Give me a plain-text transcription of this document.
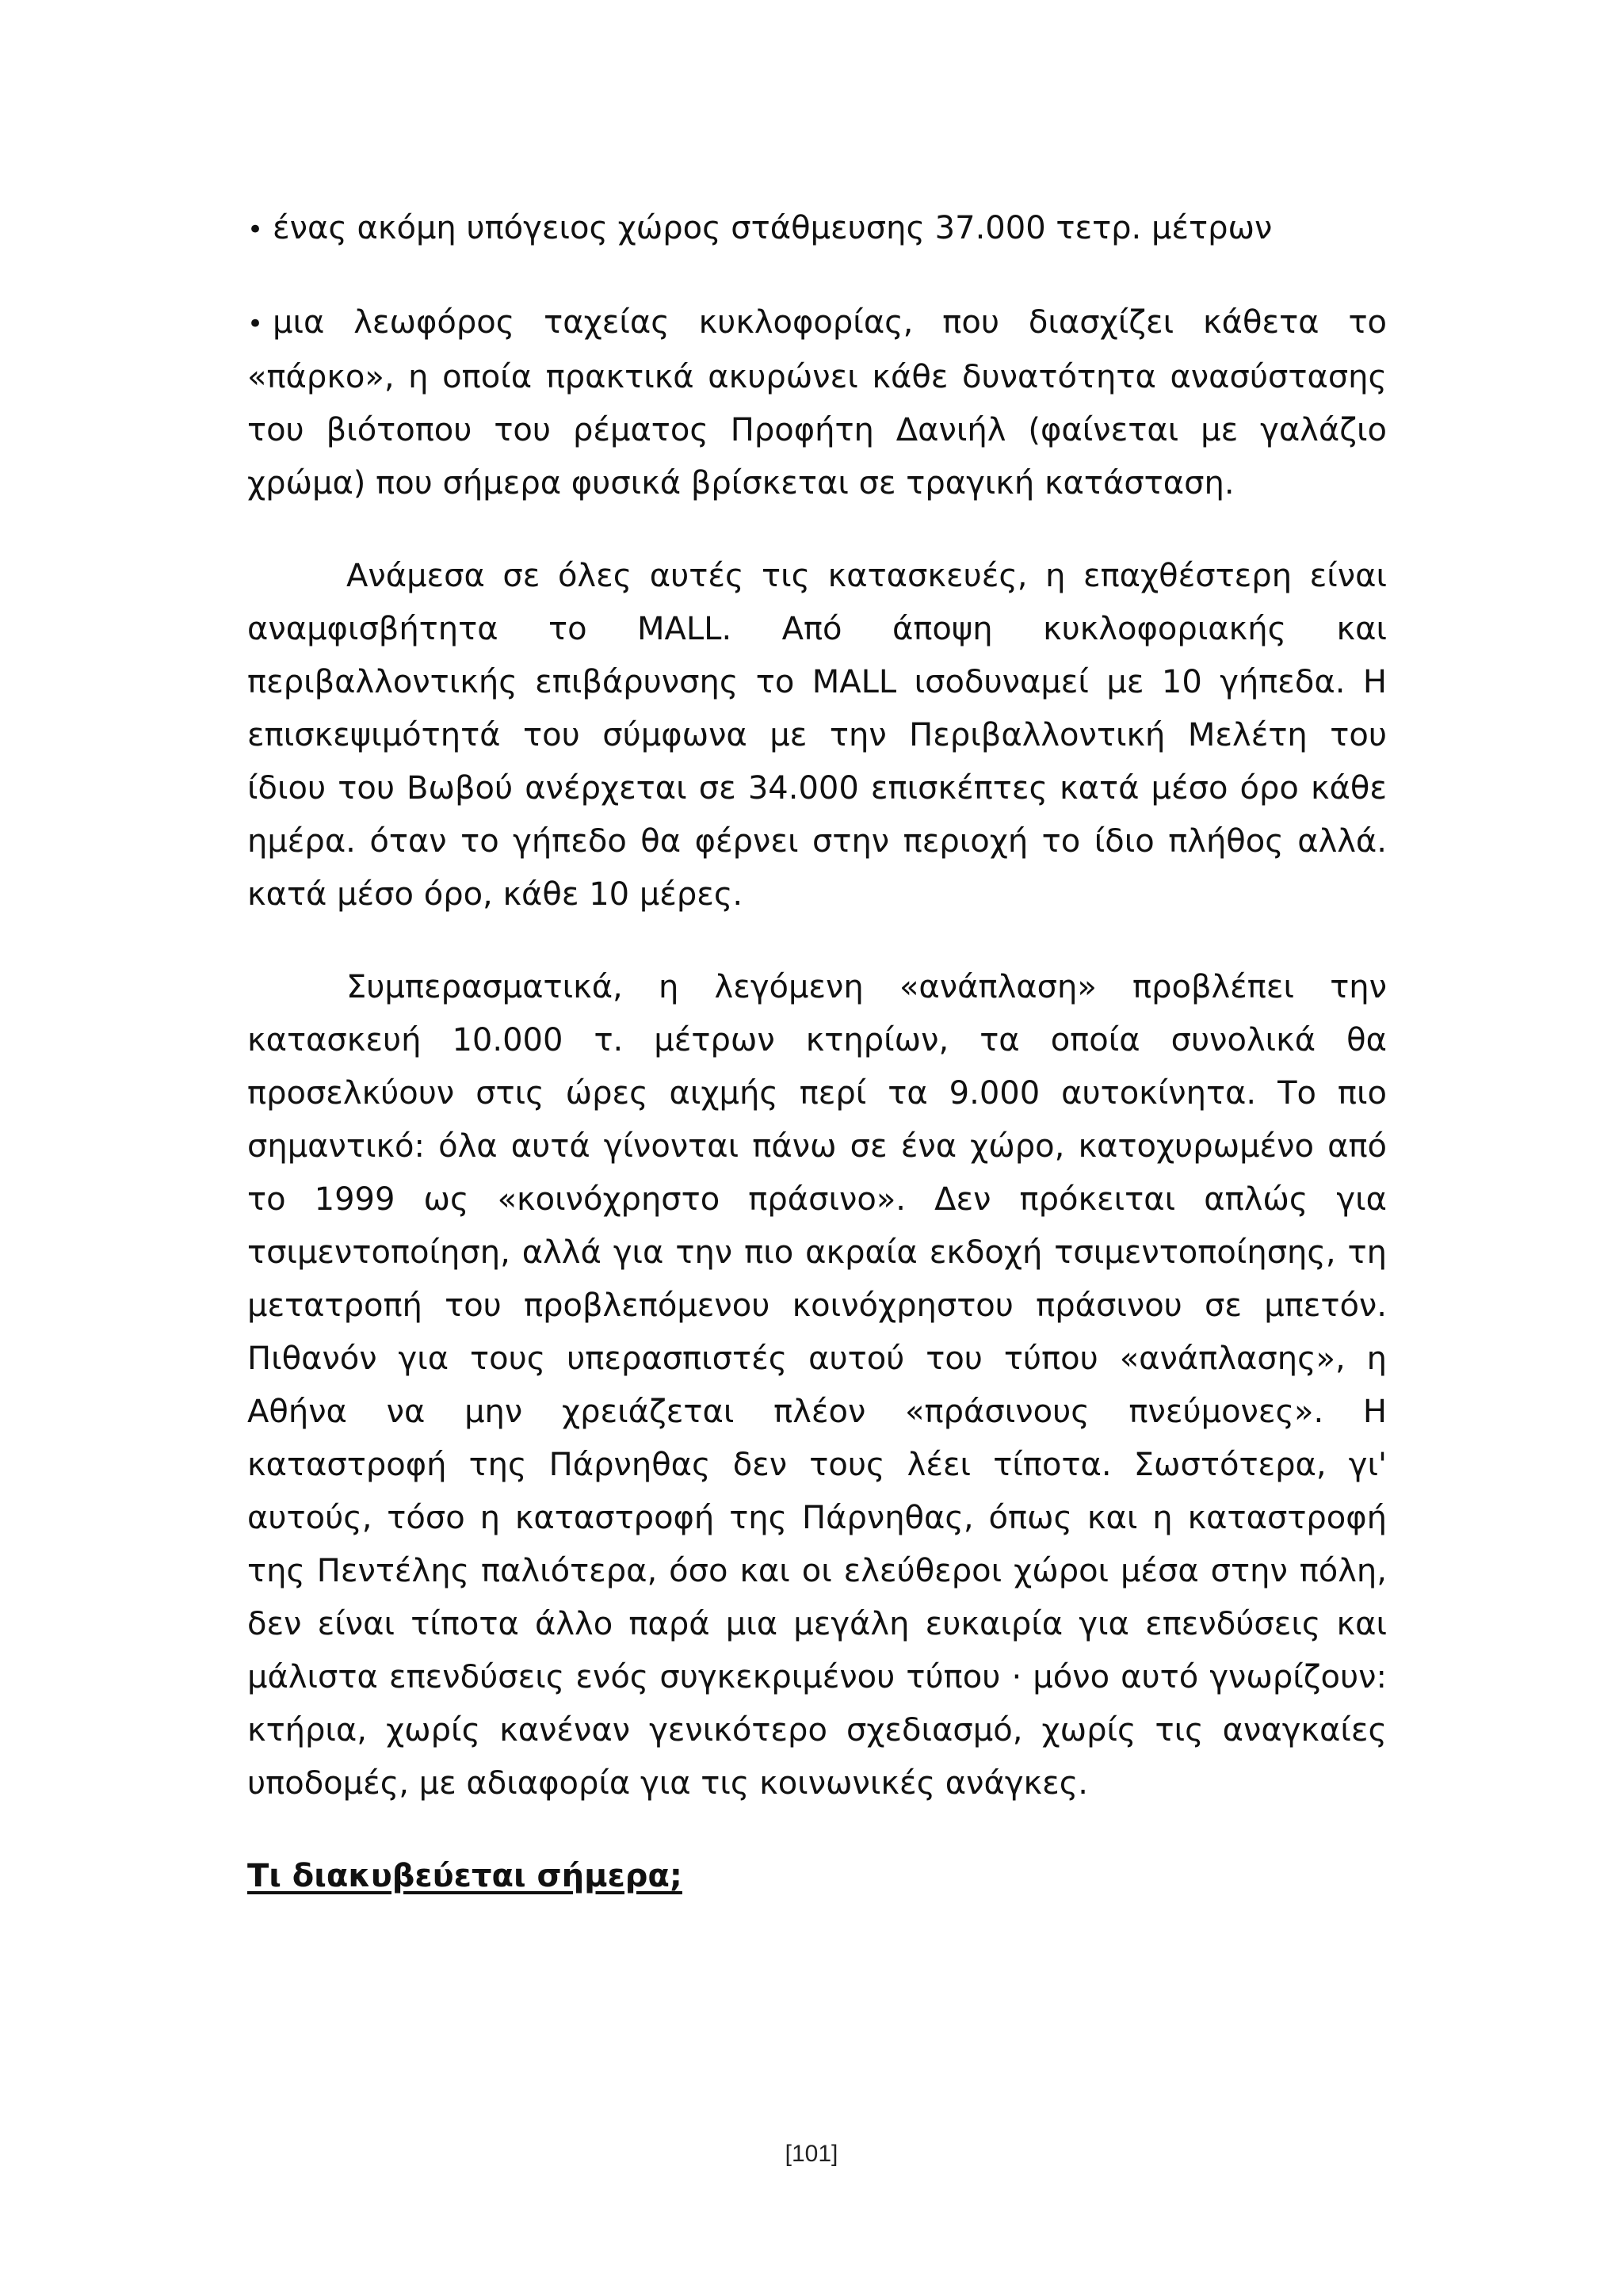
• ένας ακόμη υπόγειος χώρος στάθμευσης 37.000 τετρ. μέτρων

• μια λεωφόρος ταχείας κυκλοφορίας, που διασχίζει κάθετα το «πάρκο», η οποία πρακτικά ακυρώνει κάθε δυνατότητα ανασύστασης του βιότοπου του ρέματος Προφήτη Δανιήλ (φαίνεται με γαλάζιο χρώμα) που σήμερα φυσικά βρίσκεται σε τραγική κατάσταση.

Ανάμεσα σε όλες αυτές τις κατασκευές, η επαχθέστερη είναι αναμφισβήτητα το MALL. Από άποψη κυκλοφοριακής και περιβαλλοντικής επιβάρυνσης το MALL ισοδυναμεί με 10 γήπεδα. Η επισκεψιμότητά του σύμφωνα με την Περιβαλλοντική Μελέτη του ίδιου του Βωβού ανέρχεται σε 34.000 επισκέπτες κατά μέσο όρο κάθε ημέρα. όταν το γήπεδο θα φέρνει στην περιοχή το ίδιο πλήθος αλλά. κατά μέσο όρο, κάθε 10 μέρες.

Συμπερασματικά, η λεγόμενη «ανάπλαση» προβλέπει την κατασκευή 10.000 τ. μέτρων κτηρίων, τα οποία συνολικά θα προσελκύουν στις ώρες αιχμής περί τα 9.000 αυτοκίνητα. Το πιο σημαντικό: όλα αυτά γίνονται πάνω σε ένα χώρο, κατοχυρωμένο από το 1999 ως «κοινόχρηστο πράσινο». Δεν πρόκειται απλώς για τσιμεντοποίηση, αλλά για την πιο ακραία εκδοχή τσιμεντοποίησης, τη μετατροπή του προβλεπόμενου κοινόχρηστου πράσινου σε μπετόν. Πιθανόν για τους υπερασπιστές αυτού του τύπου «ανάπλασης», η Αθήνα να μην χρειάζεται πλέον «πράσινους πνεύμονες». Η καταστροφή της Πάρνηθας δεν τους λέει τίποτα. Σωστότερα, γι' αυτούς, τόσο η καταστροφή της Πάρνηθας, όπως και η καταστροφή της Πεντέλης παλιότερα, όσο και οι ελεύθεροι χώροι μέσα στην πόλη, δεν είναι τίποτα άλλο παρά μια μεγάλη ευκαιρία για επενδύσεις και μάλιστα επενδύσεις ενός συγκεκριμένου τύπου · μόνο αυτό γνωρίζουν: κτήρια, χωρίς κανέναν γενικότερο σχεδιασμό, χωρίς τις αναγκαίες υποδομές, με αδιαφορία για τις κοινωνικές ανάγκες.

Τι διακυβεύεται σήμερα;

[101]
